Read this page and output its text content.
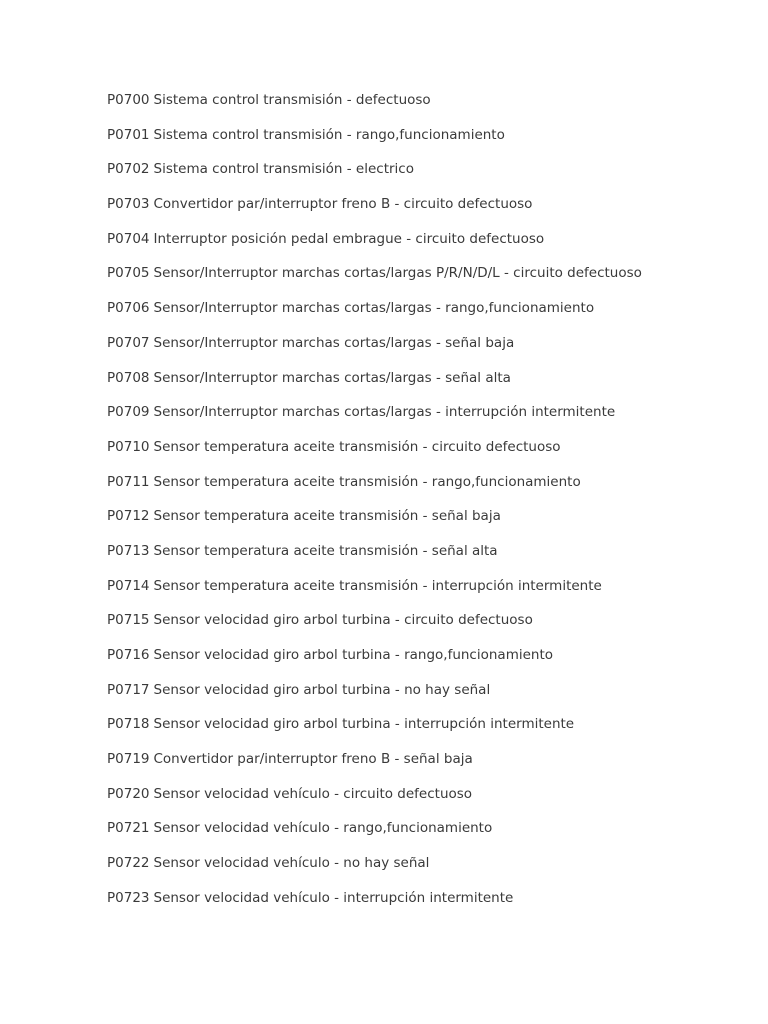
P0700 Sistema control transmisión - defectuoso
P0701 Sistema control transmisión - rango,funcionamiento
P0702 Sistema control transmisión - electrico
P0703 Convertidor par/interruptor freno B - circuito defectuoso
P0704 Interruptor posición pedal embrague - circuito defectuoso
P0705 Sensor/Interruptor marchas cortas/largas P/R/N/D/L - circuito defectuoso
P0706 Sensor/Interruptor marchas cortas/largas - rango,funcionamiento
P0707 Sensor/Interruptor marchas cortas/largas - señal baja
P0708 Sensor/Interruptor marchas cortas/largas - señal alta
P0709 Sensor/Interruptor marchas cortas/largas - interrupción intermitente
P0710 Sensor temperatura aceite transmisión - circuito defectuoso
P0711 Sensor temperatura aceite transmisión - rango,funcionamiento
P0712 Sensor temperatura aceite transmisión - señal baja
P0713 Sensor temperatura aceite transmisión - señal alta
P0714 Sensor temperatura aceite transmisión - interrupción intermitente
P0715 Sensor velocidad giro arbol turbina - circuito defectuoso
P0716 Sensor velocidad giro arbol turbina - rango,funcionamiento
P0717 Sensor velocidad giro arbol turbina - no hay señal
P0718 Sensor velocidad giro arbol turbina - interrupción intermitente
P0719 Convertidor par/interruptor freno B - señal baja
P0720 Sensor velocidad vehículo - circuito defectuoso
P0721 Sensor velocidad vehículo - rango,funcionamiento
P0722 Sensor velocidad vehículo - no hay señal
P0723 Sensor velocidad vehículo - interrupción intermitente
